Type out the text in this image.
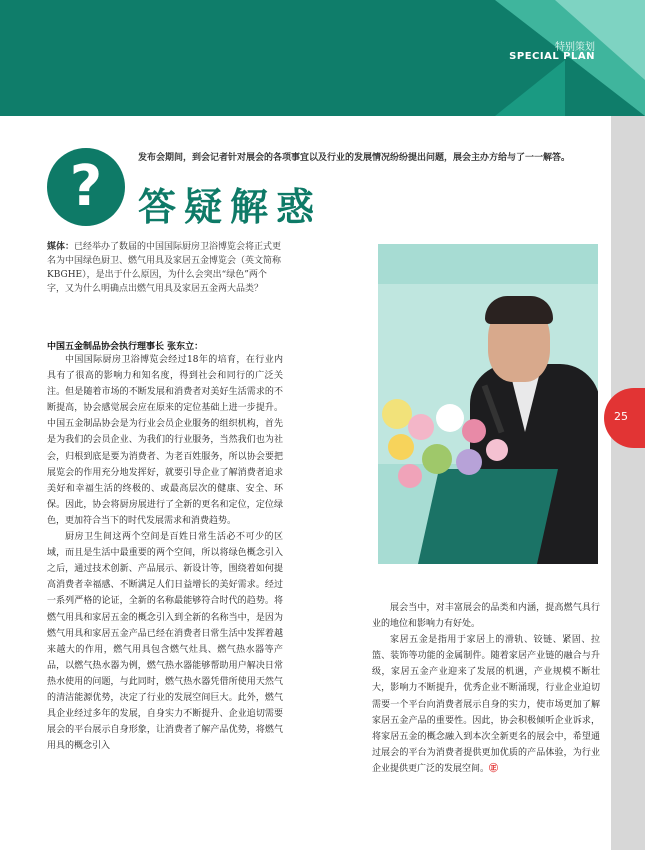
特别策划
SPECIAL PLAN
25
发布会期间，到会记者针对展会的各项事宜以及行业的发展情况纷纷提出问题，展会主办方给与了一一解答。
? 答疑解惑
媒体：已经举办了数届的中国国际厨房卫浴博览会将正式更名为中国绿色厨卫、燃气用具及家居五金博览会（英文简称KBGHE），是出于什么原因，为什么会突出“绿色”两个字，又为什么明确点出燃气用具及家居五金两大品类？
中国五金制品协会执行理事长 张东立：

中国国际厨房卫浴博览会经过18年的培育，在行业内具有了很高的影响力和知名度，得到社会和同行的广泛关注。但是随着市场的不断发展和消费者对美好生活需求的不断提高，协会感觉展会应在原来的定位基础上进一步提升。中国五金制品协会是为行业会员企业服务的组织机构，首先是为我们的会员企业、为我们的行业服务，当然我们也为社会，归根到底是要为消费者、为老百姓服务，所以协会要把展览会的作用充分地发挥好，就要引导企业了解消费者追求美好和幸福生活的终极的、或最高层次的健康、安全、环保。因此，协会将厨房展进行了全新的更名和定位，定位绿色，更加符合当下的时代发展需求和消费趋势。

厨房卫生间这两个空间是百姓日常生活必不可少的区域，而且是生活中最重要的两个空间，所以将绿色概念引入之后，通过技术创新、产品展示、新设计等，围绕着如何提高消费者幸福感、不断满足人们日益增长的美好需求。经过一系列严格的论证，全新的名称最能够符合时代的趋势。将燃气用具和家居五金的概念引入到全新的名称当中，是因为燃气用具和家居五金产品已经在消费者日常生活中发挥着越来越大的作用，燃气用具包含燃气灶具、燃气热水器等产品，以燃气热水器为例，燃气热水器能够帮助用户解决日常热水使用的问题，与此同时，燃气热水器凭借所使用天然气的清洁能源优势，决定了行业的发展空间巨大。此外，燃气具企业经过多年的发展，自身实力不断提升、企业追切需要展会的平台展示自身形象，让消费者了解产品优势，将燃气用具的概念引入

展会当中，对丰富展会的品类和内涵，提高燃气具行业的地位和影响力有好处。

家居五金是指用于家居上的滑轨、铰链、紧固、拉篮、装饰等功能的金属制件。随着家居产业链的融合与升级，家居五金产业迎来了发展的机遇，产业规模不断壮大，影响力不断提升，优秀企业不断涌现，行业企业迫切需要一个平台向消费者展示自身的实力，使市场更加了解家居五金产品的重要性。因此，协会积极倾听企业诉求，将家居五金的概念融入到本次全新更名的展会中，希望通过展会的平台为消费者提供更加优质的产品体验，为行业企业提供更广泛的发展空间。㊣
